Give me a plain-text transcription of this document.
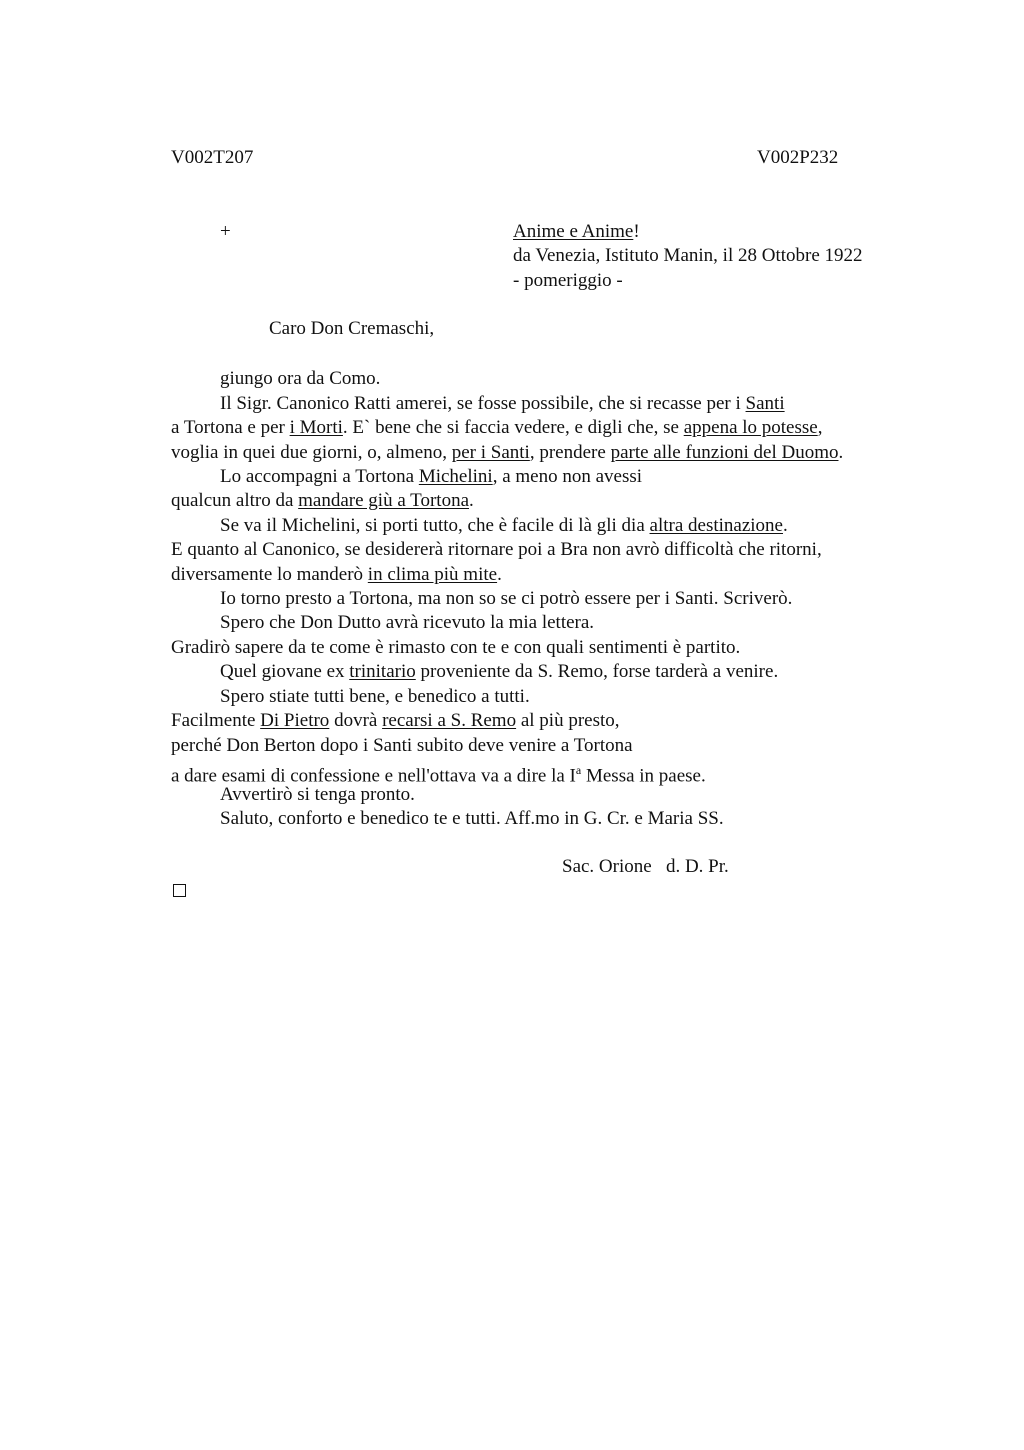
V002T207	V002P232
+	Anime e Anime!
da Venezia, Istituto Manin, il 28 Ottobre 1922
- pomeriggio -
Caro Don Cremaschi,
giungo ora da Como.
Il Sigr. Canonico Ratti amerei, se fosse possibile, che si recasse per i Santi
a Tortona e per i Morti. E` bene che si faccia vedere, e digli che, se appena lo potesse,
voglia in quei due giorni, o, almeno, per i Santi, prendere parte alle funzioni del Duomo.
Lo accompagni a Tortona Michelini, a meno non avessi
qualcun altro da mandare giù a Tortona.
Se va il Michelini, si porti tutto, che è facile di là gli dia altra destinazione.
E quanto al Canonico, se desidererà ritornare poi a Bra non avrò difficoltà che ritorni,
diversamente lo manderò in clima più mite.
Io torno presto a Tortona, ma non so se ci potrò essere per i Santi. Scriverò.
Spero che Don Dutto avrà ricevuto la mia lettera.
Gradirò sapere da te come è rimasto con te e con quali sentimenti è partito.
Quel giovane ex trinitario proveniente da S. Remo, forse tarderà a venire.
Spero stiate tutti bene, e benedico a tutti.
Facilmente Di Pietro dovrà recarsi a S. Remo al più presto,
perché Don Berton dopo i Santi subito deve venire a Tortona
a dare esami di confessione e nell'ottava va a dire la $I^a$ Messa in paese.
Avvertirò si tenga pronto.
Saluto, conforto e benedico te e tutti. Aff.mo in G. Cr. e Maria SS.
Sac. Orione   d. D. Pr.
